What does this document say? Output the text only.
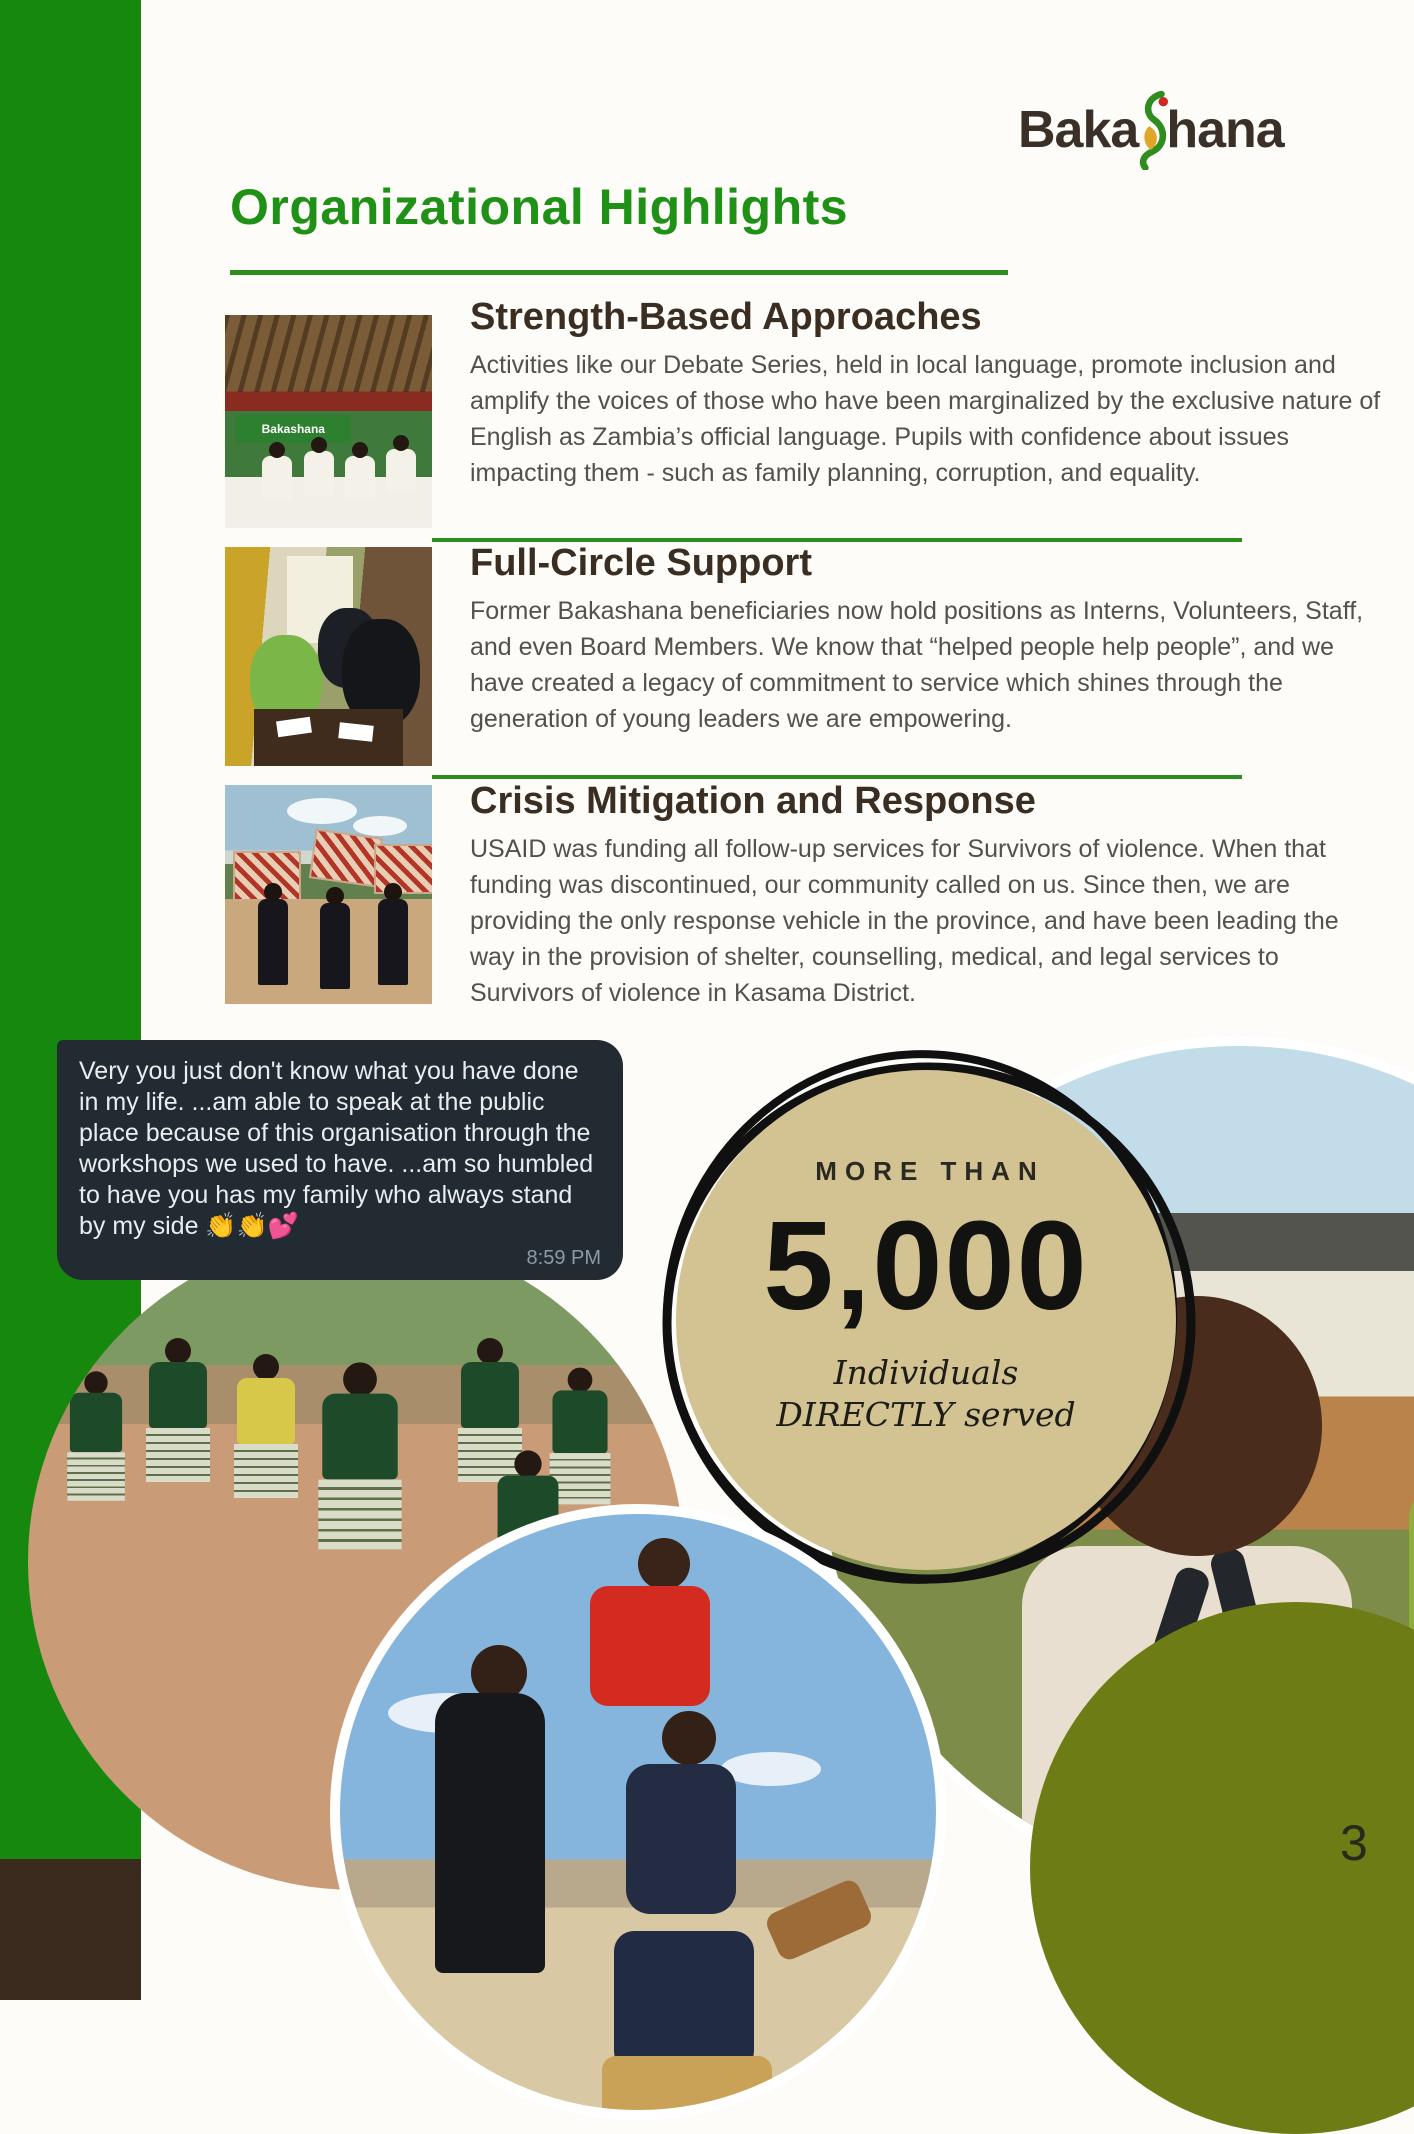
Baka hana
Organizational Highlights
Bakashana
Strength-Based Approaches

Activities like our Debate Series, held in local language, promote inclusion and amplify the voices of those who have been marginalized by the exclusive nature of English as Zambia’s official language. Pupils with confidence about issues impacting them - such as family planning, corruption, and equality.

Full-Circle Support

Former Bakashana beneficiaries now hold positions as Interns, Volunteers, Staff, and even Board Members. We know that “helped people help people”, and we have created a legacy of commitment to service which shines through the generation of young leaders we are empowering.

Crisis Mitigation and Response

USAID was funding all follow-up services for Survivors of violence. When that funding was discontinued, our community called on us. Since then, we are providing the only response vehicle in the province, and have been leading the way in the provision of shelter, counselling, medical, and legal services to Survivors of violence in Kasama District.

3
MORE THAN
5,000
Individuals
DIRECTLY served
Very you just don't know what you have done in my life. ...am able to speak at the public place because of this organisation through the workshops we used to have. ...am so humbled to have you has my family who always stand by my side 👏👏💕
8:59 PM
